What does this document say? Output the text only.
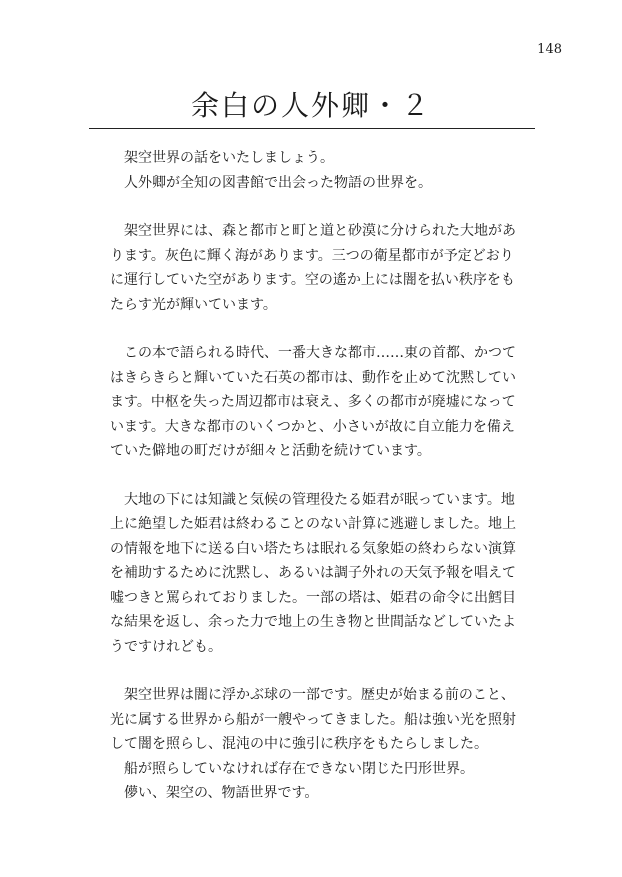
148
余白の人外卿・２

　架空世界の話をいたしましょう。
　人外卿が全知の図書館で出会った物語の世界を。

　架空世界には、森と都市と町と道と砂漠に分けられた大地があ
ります。灰色に輝く海があります。三つの衛星都市が予定どおり
に運行していた空があります。空の遙か上には闇を払い秩序をも
たらす光が輝いています。

　この本で語られる時代、一番大きな都市……東の首都、かつて
はきらきらと輝いていた石英の都市は、動作を止めて沈黙してい
ます。中枢を失った周辺都市は衰え、多くの都市が廃墟になって
います。大きな都市のいくつかと、小さいが故に自立能力を備え
ていた僻地の町だけが細々と活動を続けています。

　大地の下には知識と気候の管理役たる姫君が眠っています。地
上に絶望した姫君は終わることのない計算に逃避しました。地上
の情報を地下に送る白い塔たちは眠れる気象姫の終わらない演算
を補助するために沈黙し、あるいは調子外れの天気予報を唱えて
嘘つきと罵られておりました。一部の塔は、姫君の命令に出鱈目
な結果を返し、余った力で地上の生き物と世間話などしていたよ
うですけれども。

　架空世界は闇に浮かぶ球の一部です。歴史が始まる前のこと、
光に属する世界から船が一艘やってきました。船は強い光を照射
して闇を照らし、混沌の中に強引に秩序をもたらしました。
　船が照らしていなければ存在できない閉じた円形世界。
　儚い、架空の、物語世界です。
